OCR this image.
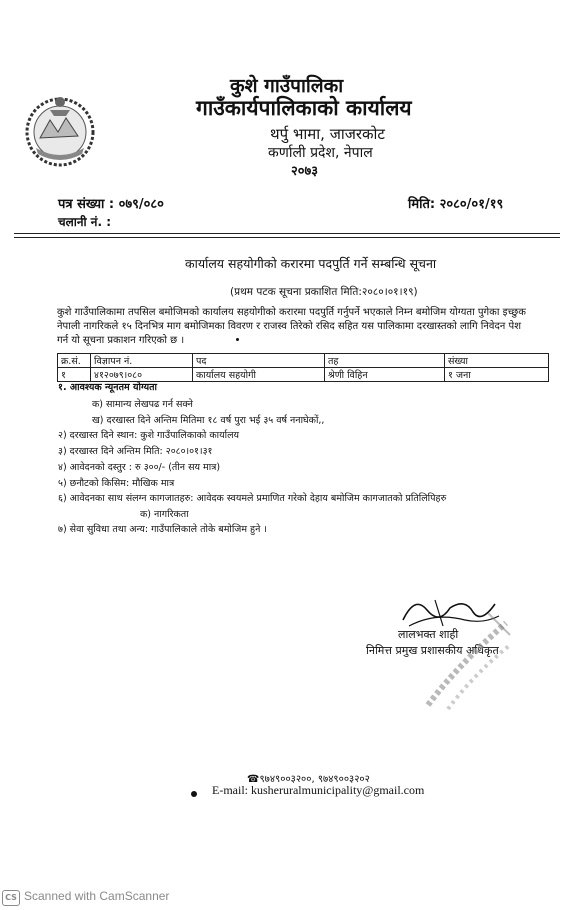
कुशे गाउँपालिका
गाउँकार्यपालिकाको कार्यालय
थर्पु भामा, जाजरकोट
कर्णाली प्रदेश, नेपाल
२०७३
पत्र संख्या : ०७९/०८०
चलानी नं. :
मिति: २०८०/०१/१९
कार्यालय सहयोगीको करारमा पदपुर्ति गर्ने सम्बन्धि सूचना
(प्रथम पटक सूचना प्रकाशित मिति:२०८०।०१।१९)
कुशे गाउँपालिकामा तपसिल बमोजिमको कार्यालय सहयोगीको करारमा पदपुर्ति गर्नुपर्ने भएकाले निम्न बमोजिम योग्यता पुगेका इच्छुक
नेपाली नागरिकले १५ दिनभित्र माग बमोजिमका विवरण र राजस्व तिरेको रसिद सहित यस पालिकामा दरखास्तको लागि निवेदन पेश
गर्न यो सूचना प्रकाशन गरिएको छ ।
क्र.सं.	विज्ञापन नं.	पद	तह	संख्या
१	४१२०७९।०८०	कार्यालय सहयोगी	श्रेणी विहिन	१ जना
१. आवश्यक न्यूनतम योग्यता
क) सामान्य लेखपढ गर्न सक्ने
ख) दरखास्त दिने अन्तिम मितिमा १८ वर्ष पुरा भई ३५ वर्ष ननाघेकों,,
२) दरखास्त दिने स्थान: कुशे गाउँपालिकाको कार्यालय
३) दरखास्त दिने अन्तिम मिति: २०८०।०१।३१
४) आवेदनको दस्तुर : रु ३००/- (तीन सय मात्र)
५) छनौटको किसिम: मौखिक मात्र
६) आवेदनका साथ संलग्न कागजातहरु: आवेदक स्वयमले प्रमाणित गरेको देहाय बमोजिम कागजातको प्रतिलिपिहरु
क) नागरिकता
७) सेवा सुविधा तथा अन्य: गाउँपालिकाले तोके बमोजिम हुने ।
लालभक्त शाही
निमित्त प्रमुख प्रशासकीय अधिकृत
☎९७४९००३२००, ९७४९००३२०२
E-mail: kusheruralmunicipality@gmail.com
CS Scanned with CamScanner
